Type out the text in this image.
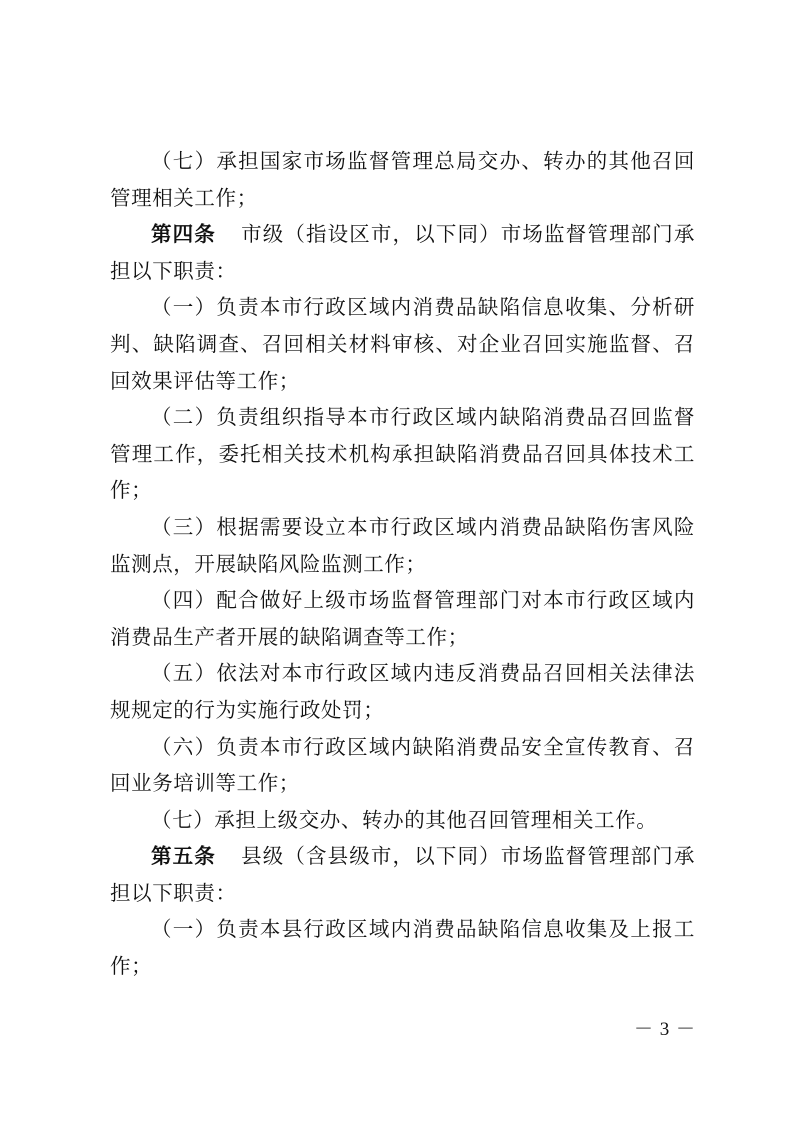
（七）承担国家市场监督管理总局交办、转办的其他召回管理相关工作；

第四条 市级（指设区市，以下同）市场监督管理部门承担以下职责：

（一）负责本市行政区域内消费品缺陷信息收集、分析研判、缺陷调查、召回相关材料审核、对企业召回实施监督、召回效果评估等工作；

（二）负责组织指导本市行政区域内缺陷消费品召回监督管理工作，委托相关技术机构承担缺陷消费品召回具体技术工作；

（三）根据需要设立本市行政区域内消费品缺陷伤害风险监测点，开展缺陷风险监测工作；

（四）配合做好上级市场监督管理部门对本市行政区域内消费品生产者开展的缺陷调查等工作；

（五）依法对本市行政区域内违反消费品召回相关法律法规规定的行为实施行政处罚；

（六）负责本市行政区域内缺陷消费品安全宣传教育、召回业务培训等工作；

（七）承担上级交办、转办的其他召回管理相关工作。

第五条 县级（含县级市，以下同）市场监督管理部门承担以下职责：

（一）负责本县行政区域内消费品缺陷信息收集及上报工作；

－ 3 －
